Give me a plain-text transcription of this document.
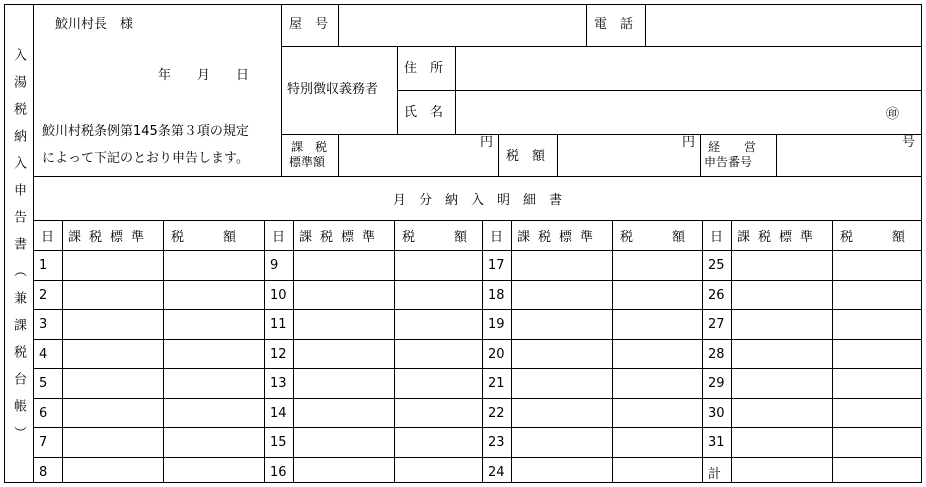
入湯税納入申告書（兼課税台帳）
鮫川村長　様
年　　月　　日
鮫川村税条例第145条第３項の規定
によって下記のとおり申告します。
屋　号	電　話
特別徴収義務者
住　所
氏　名	㊞
課　税
標準額
円
税　額
円 経　　営
申告番号
号
月　分　納　入　明　細　書
日 課税標準 税　　　額
1
2
3
4
5
6
7
8
日 課税標準 税　　　額
9
10
11
12
13
14
15
16
日 課税標準 税　　　額
17
18
19
20
21
22
23
24
日 課税標準 税　　　額
25
26
27
28
29
30
31
計
